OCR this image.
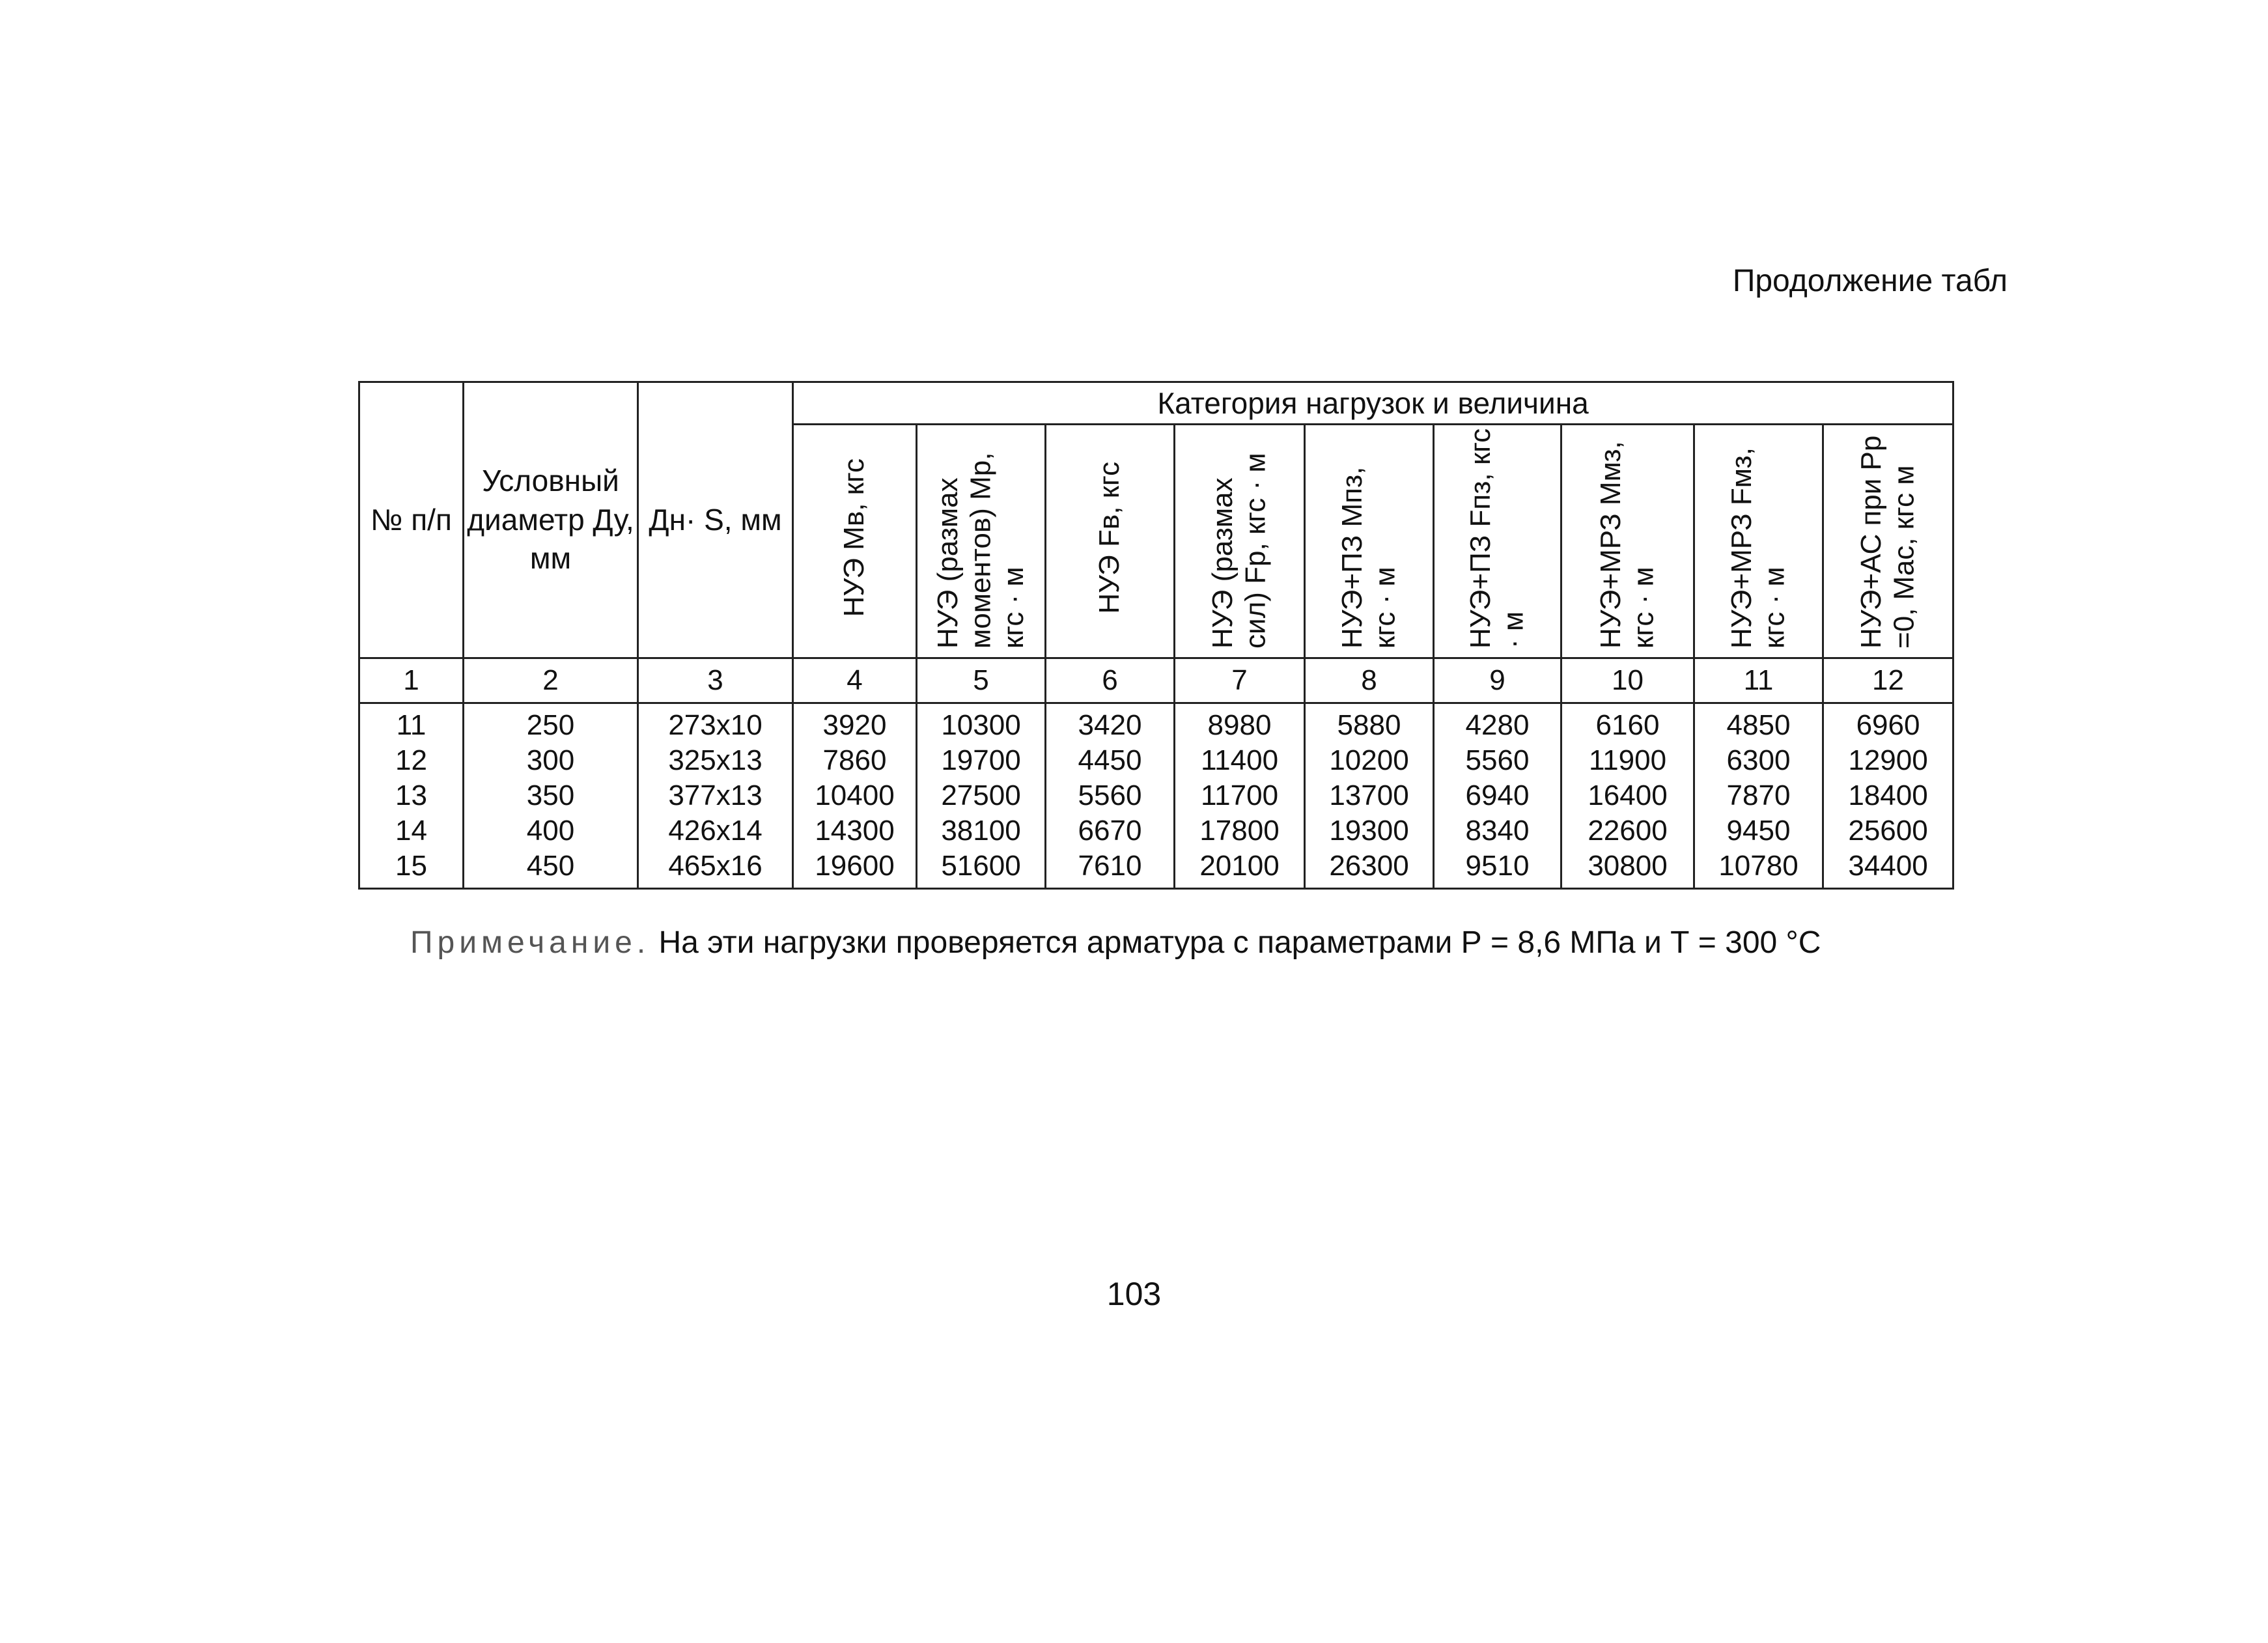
Продолжение табл
№ п/п	Условный диаметр Ду, мм	Дн· S, мм	Категория нагрузок и величина								
			НУЭ Мв, кгс	НУЭ (размах моментов) Мр, кгс · м	НУЭ Fв, кгс	НУЭ (размах сил) Fр, кгс · м	НУЭ+ПЗ Мпз, кгс · м	НУЭ+ПЗ Fпз, кгс · м	НУЭ+МРЗ Ммз, кгс · м	НУЭ+МРЗ Fмз, кгс · м	НУЭ+АС при Рр =0, Мас, кгс м
1	2	3	4	5	6	7	8	9	10	11	12
11	250	273х10	3920	10300	3420	8980	5880	4280	6160	4850	6960
12	300	325х13	7860	19700	4450	11400	10200	5560	11900	6300	12900
13	350	377х13	10400	27500	5560	11700	13700	6940	16400	7870	18400
14	400	426х14	14300	38100	6670	17800	19300	8340	22600	9450	25600
15	450	465х16	19600	51600	7610	20100	26300	9510	30800	10780	34400
Примечание. На эти нагрузки проверяется арматура с параметрами Р = 8,6 МПа и Т = 300 °С
103
